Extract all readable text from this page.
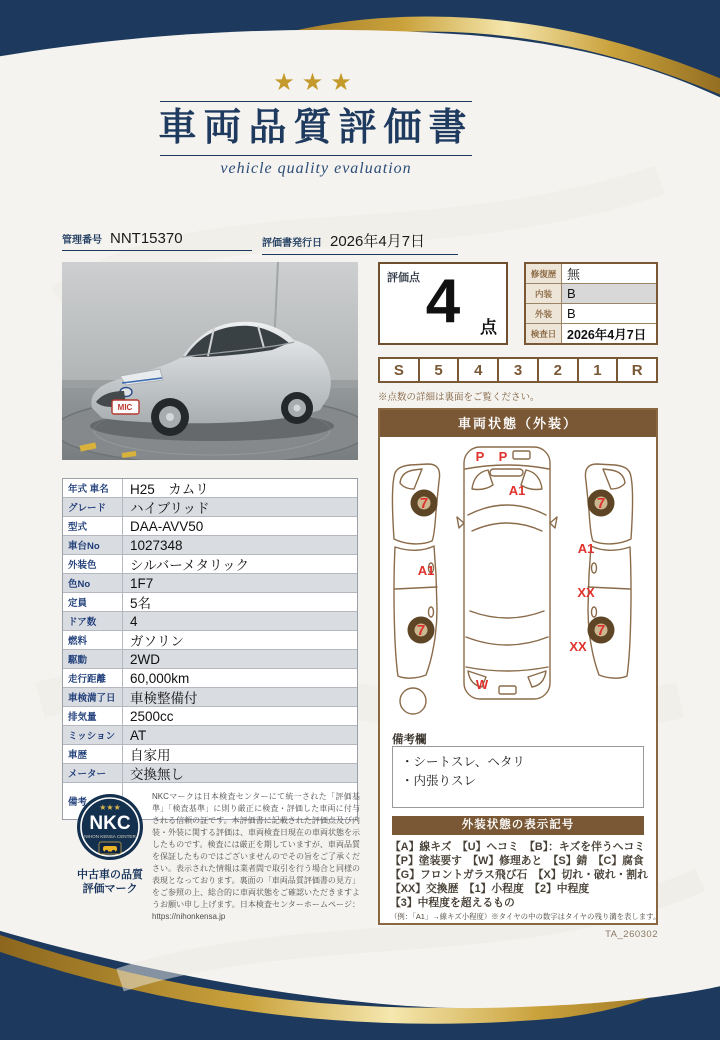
★★★
車両品質評価書
vehicle quality evaluation
管理番号 NNT15370	評価書発行日 2026年4月7日
MIC
年式 車名	H25　カムリ
グレード	ハイブリッド
型式	DAA-AVV50
車台No	1027348
外装色	シルバーメタリック
色No	1F7
定員	5名
ドア数	4
燃料	ガソリン
駆動	2WD
走行距離	60,000km
車検満了日	車検整備付
排気量	2500cc
ミッション	AT
車歴	自家用
メーター	交換無し
備考	★★★
NKC
NIHON KENSA CENTER
中古車の品質
評価マーク
NKCマークは日本検査センターにて統一された「評価基準」「検査基準」に則り厳正に検査・評価した車両に付与される信頼の証です。本評価書に記載された評価点及び内装・外装に関する評価は、車両検査日現在の車両状態を示したものです。検査には厳正を期していますが、車両品質を保証したものではございませんのでその旨をご了承ください。表示された情報は業者間で取引を行う場合と同様の表現となっております。裏面の「車両品質評価書の見方」をご参照の上、総合的に車両状態をご確認いただきますようお願い申し上げます。日本検査センターホームページ：https://nihonkensa.jp
評価点 4	点
修復歴 無
内装	B
外装	B
検査日 2026年4月7日
S	5	4	3	2	1	R
※点数の詳細は裏面をご覧ください。
車両状態（外装）
7
7
7
7
P P
A1
A1
A1
XX
XX
W
備考欄
・シートスレ、ヘタリ
・内張りスレ
外装状態の表示記号
【A】線キズ　【U】ヘコミ　【B】：キズを伴うヘコミ
【P】塗装要す　【W】修理あと　【S】錆　【C】腐食
【G】フロントガラス飛び石　【X】切れ・破れ・割れ
【XX】交換歴　【1】小程度　【2】中程度
【3】中程度を超えるもの
（例：「A1」→線キズ小程度）※タイヤの中の数字はタイヤの残り溝を表します。
TA_260302
